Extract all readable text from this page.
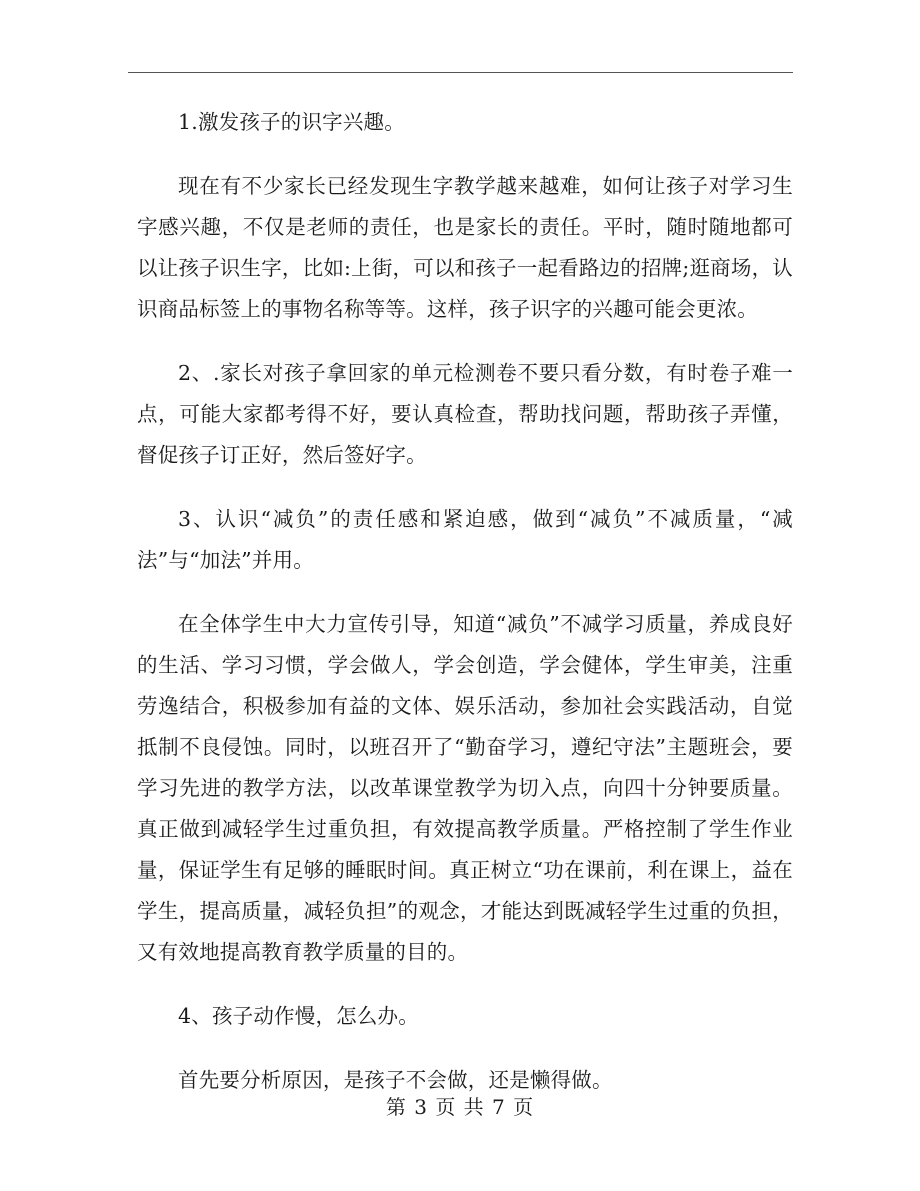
1.激发孩子的识字兴趣。

现在有不少家长已经发现生字教学越来越难，如何让孩子对学习生字感兴趣，不仅是老师的责任，也是家长的责任。平时，随时随地都可以让孩子识生字，比如:上街，可以和孩子一起看路边的招牌;逛商场，认识商品标签上的事物名称等等。这样，孩子识字的兴趣可能会更浓。

2、.家长对孩子拿回家的单元检测卷不要只看分数，有时卷子难一点，可能大家都考得不好，要认真检查，帮助找问题，帮助孩子弄懂，督促孩子订正好，然后签好字。

3、认识“减负”的责任感和紧迫感，做到“减负”不减质量，“减法”与“加法”并用。

在全体学生中大力宣传引导，知道“减负”不减学习质量，养成良好的生活、学习习惯，学会做人，学会创造，学会健体，学生审美，注重劳逸结合，积极参加有益的文体、娱乐活动，参加社会实践活动，自觉抵制不良侵蚀。同时，以班召开了“勤奋学习，遵纪守法”主题班会，要学习先进的教学方法，以改革课堂教学为切入点，向四十分钟要质量。真正做到减轻学生过重负担，有效提高教学质量。严格控制了学生作业量，保证学生有足够的睡眠时间。真正树立“功在课前，利在课上，益在学生，提高质量，减轻负担”的观念，才能达到既减轻学生过重的负担，又有效地提高教育教学质量的目的。

4、孩子动作慢，怎么办。

首先要分析原因，是孩子不会做，还是懒得做。

第 3 页 共 7 页
